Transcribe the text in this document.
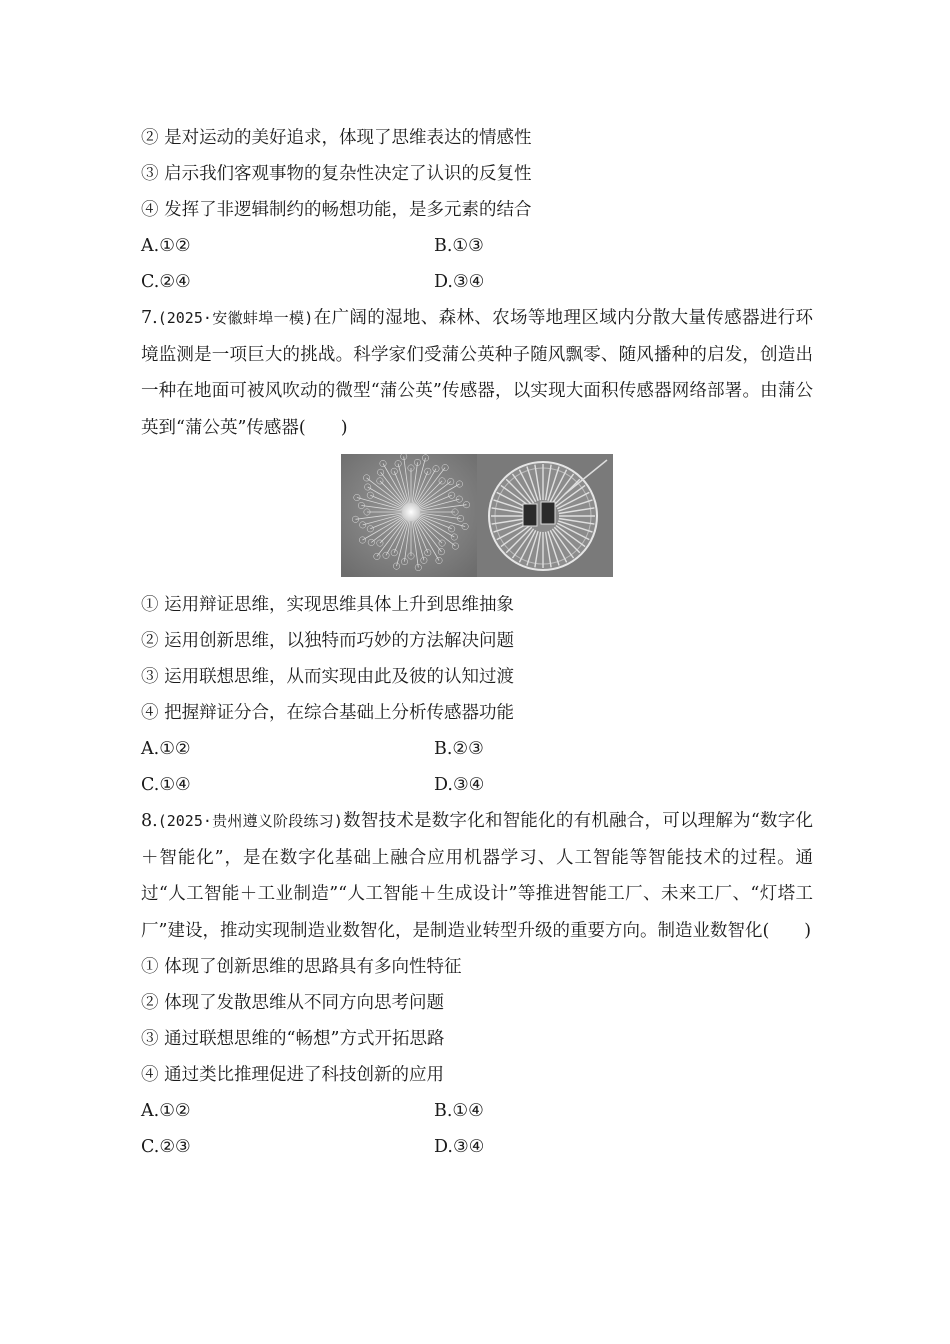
② 是对运动的美好追求，体现了思维表达的情感性
③ 启示我们客观事物的复杂性决定了认识的反复性
④ 发挥了非逻辑制约的畅想功能，是多元素的结合
A.①②	B.①③
C.②④	D.③④
7.(2025·安徽蚌埠一模)在广阔的湿地、森林、农场等地理区域内分散大量传感器进行环境监测是一项巨大的挑战。科学家们受蒲公英种子随风飘零、随风播种的启发，创造出一种在地面可被风吹动的微型“蒲公英”传感器，以实现大面积传感器网络部署。由蒲公英到“蒲公英”传感器(　　)
① 运用辩证思维，实现思维具体上升到思维抽象
② 运用创新思维，以独特而巧妙的方法解决问题
③ 运用联想思维，从而实现由此及彼的认知过渡
④ 把握辩证分合，在综合基础上分析传感器功能
A.①②	B.②③
C.①④	D.③④
8.(2025·贵州遵义阶段练习)数智技术是数字化和智能化的有机融合，可以理解为“数字化＋智能化”，是在数字化基础上融合应用机器学习、人工智能等智能技术的过程。通过“人工智能＋工业制造”“人工智能＋生成设计”等推进智能工厂、未来工厂、“灯塔工厂”建设，推动实现制造业数智化，是制造业转型升级的重要方向。制造业数智化(　　)
① 体现了创新思维的思路具有多向性特征
② 体现了发散思维从不同方向思考问题
③ 通过联想思维的“畅想”方式开拓思路
④ 通过类比推理促进了科技创新的应用
A.①②	B.①④
C.②③	D.③④
